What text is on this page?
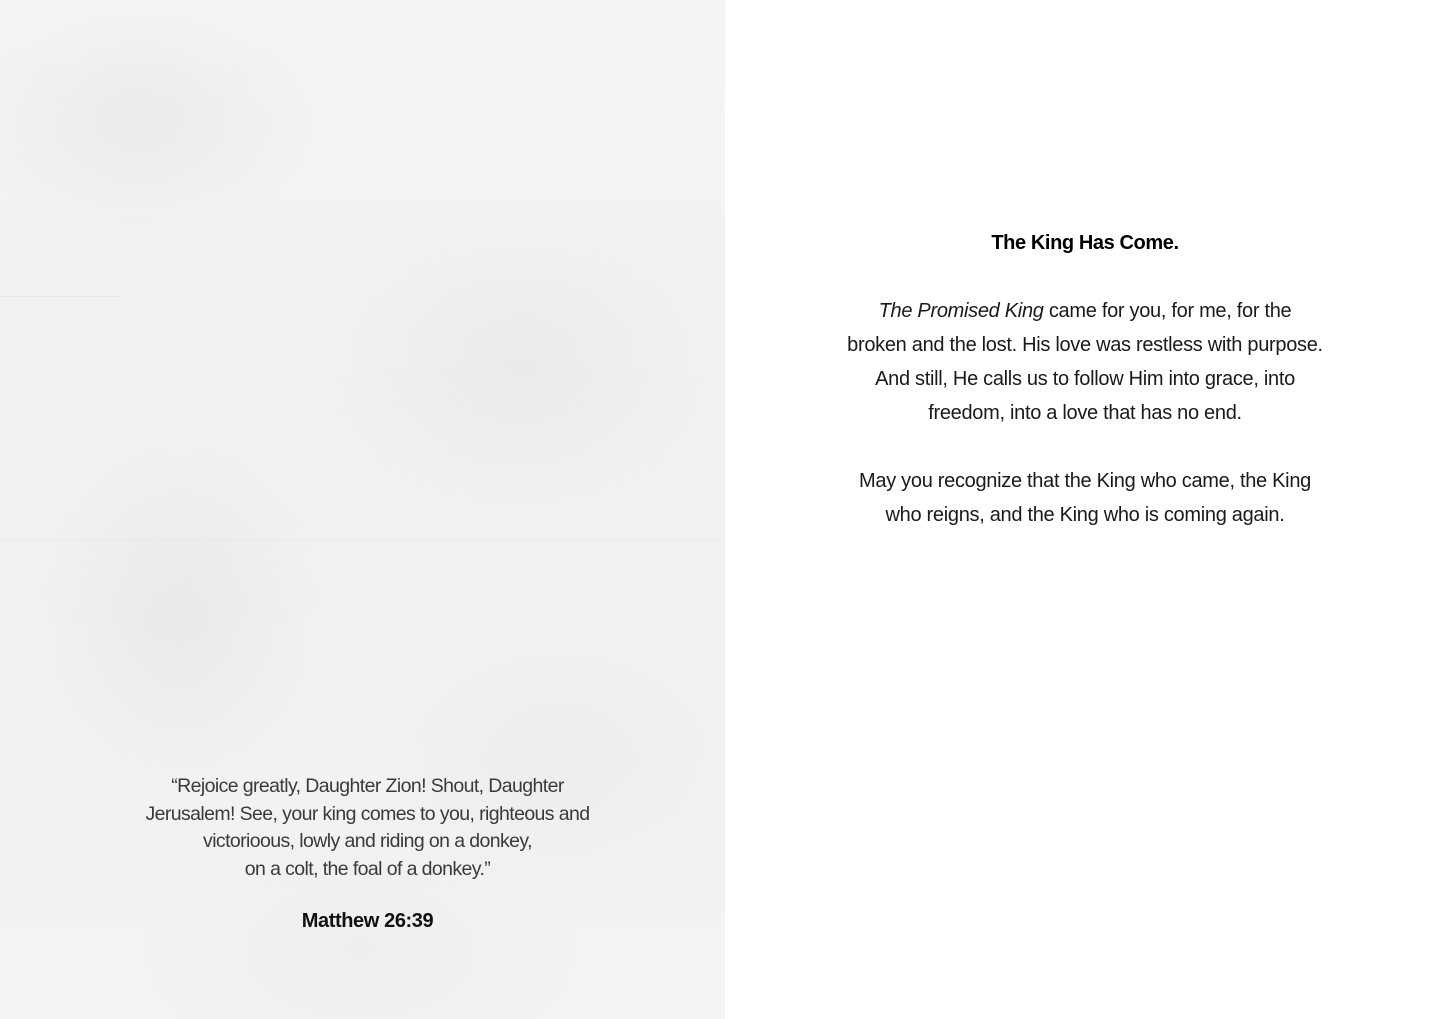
“Rejoice greatly, Daughter Zion! Shout, Daughter
Jerusalem! See, your king comes to you, righteous and
victorioous, lowly and riding on a donkey,
on a colt, the foal of a donkey.”
Matthew 26:39
The King Has Come.
The Promised King came for you, for me, for the
broken and the lost. His love was restless with purpose.
And still, He calls us to follow Him into grace, into
freedom, into a love that has no end.
May you recognize that the King who came, the King
who reigns, and the King who is coming again.
